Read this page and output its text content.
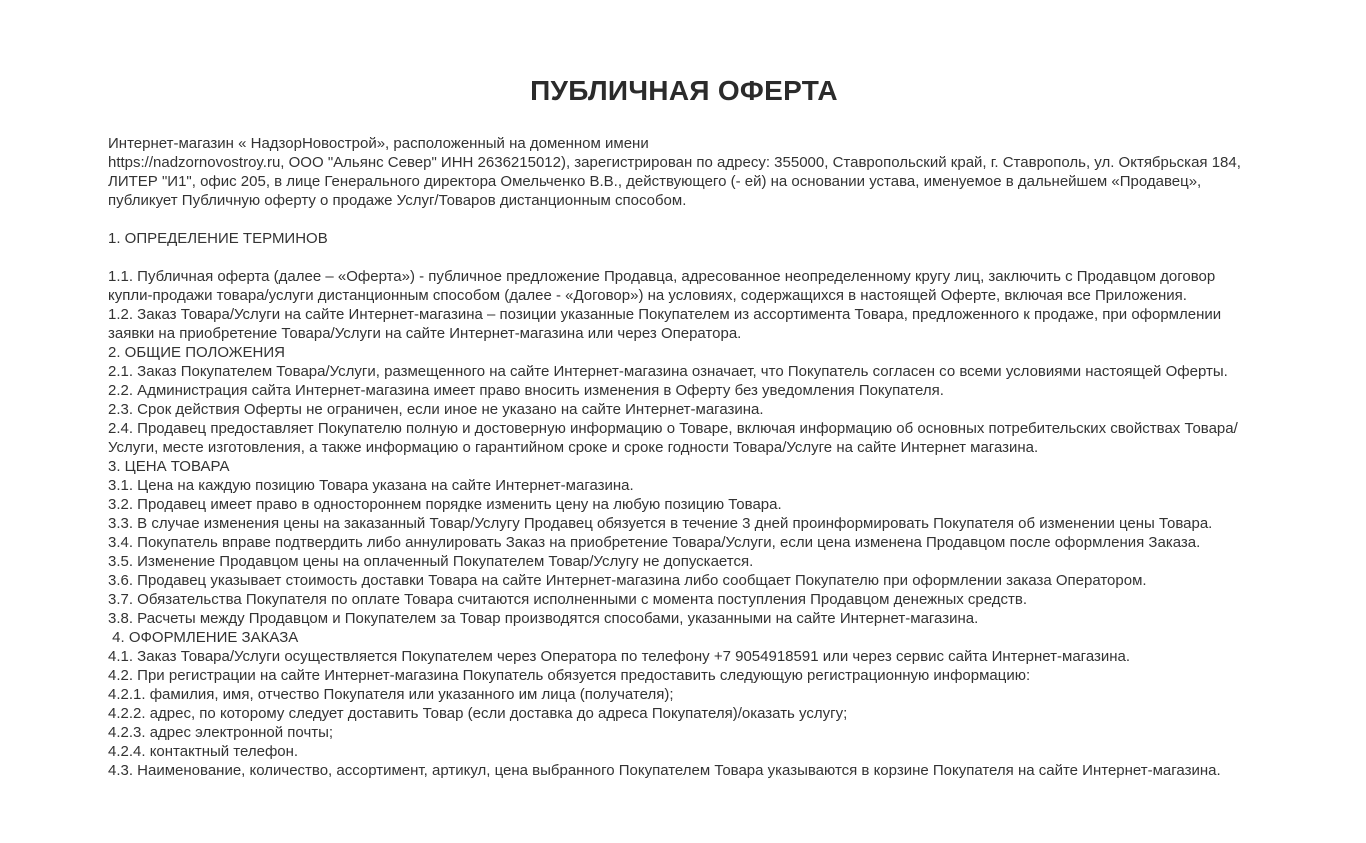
ПУБЛИЧНАЯ ОФЕРТА

Интернет-магазин « НадзорНовострой», расположенный на доменном имени
https://nadzornovostroy.ru, ООО "Альянс Север" ИНН 2636215012), зарегистрирован по адресу: 355000, Ставропольский край, г. Ставрополь, ул. Октябрьская 184, ЛИТЕР "И1", офис 205, в лице Генерального директора Омельченко В.В., действующего (- ей) на основании устава, именуемое в дальнейшем «Продавец», публикует Публичную оферту о продаже Услуг/Товаров дистанционным способом.

1. ОПРЕДЕЛЕНИЕ ТЕРМИНОВ

1.1. Публичная оферта (далее – «Оферта») - публичное предложение Продавца, адресованное неопределенному кругу лиц, заключить с Продавцом договор купли-продажи товара/услуги дистанционным способом (далее - «Договор») на условиях, содержащихся в настоящей Оферте, включая все Приложения.

1.2. Заказ Товара/Услуги на сайте Интернет-магазина – позиции указанные Покупателем из ассортимента Товара, предложенного к продаже, при оформлении заявки на приобретение Товара/Услуги на сайте Интернет-магазина или через Оператора.

2. ОБЩИЕ ПОЛОЖЕНИЯ

2.1. Заказ Покупателем Товара/Услуги, размещенного на сайте Интернет-магазина означает, что Покупатель согласен со всеми условиями настоящей Оферты.

2.2. Администрация сайта Интернет-магазина имеет право вносить изменения в Оферту без уведомления Покупателя.

2.3. Срок действия Оферты не ограничен, если иное не указано на сайте Интернет-магазина.

2.4. Продавец предоставляет Покупателю полную и достоверную информацию о Товаре, включая информацию об основных потребительских свойствах Товара/Услуги, месте изготовления, а также информацию о гарантийном сроке и сроке годности Товара/Услуге на сайте Интернет магазина.

3. ЦЕНА ТОВАРА

3.1. Цена на каждую позицию Товара указана на сайте Интернет-магазина.

3.2. Продавец имеет право в одностороннем порядке изменить цену на любую позицию Товара.

3.3. В случае изменения цены на заказанный Товар/Услугу Продавец обязуется в течение 3 дней проинформировать Покупателя об изменении цены Товара.

3.4. Покупатель вправе подтвердить либо аннулировать Заказ на приобретение Товара/Услуги, если цена изменена Продавцом после оформления Заказа.

3.5. Изменение Продавцом цены на оплаченный Покупателем Товар/Услугу не допускается.

3.6. Продавец указывает стоимость доставки Товара на сайте Интернет-магазина либо сообщает Покупателю при оформлении заказа Оператором.

3.7. Обязательства Покупателя по оплате Товара считаются исполненными с момента поступления Продавцом денежных средств.

3.8. Расчеты между Продавцом и Покупателем за Товар производятся способами, указанными на сайте Интернет-магазина.

4. ОФОРМЛЕНИЕ ЗАКАЗА

4.1. Заказ Товара/Услуги осуществляется Покупателем через Оператора по телефону +7 9054918591 или через сервис сайта Интернет-магазина.

4.2. При регистрации на сайте Интернет-магазина Покупатель обязуется предоставить следующую регистрационную информацию:

4.2.1. фамилия, имя, отчество Покупателя или указанного им лица (получателя);

4.2.2. адрес, по которому следует доставить Товар (если доставка до адреса Покупателя)/оказать услугу;

4.2.3. адрес электронной почты;

4.2.4. контактный телефон.

4.3. Наименование, количество, ассортимент, артикул, цена выбранного Покупателем Товара указываются в корзине Покупателя на сайте Интернет-магазина.
